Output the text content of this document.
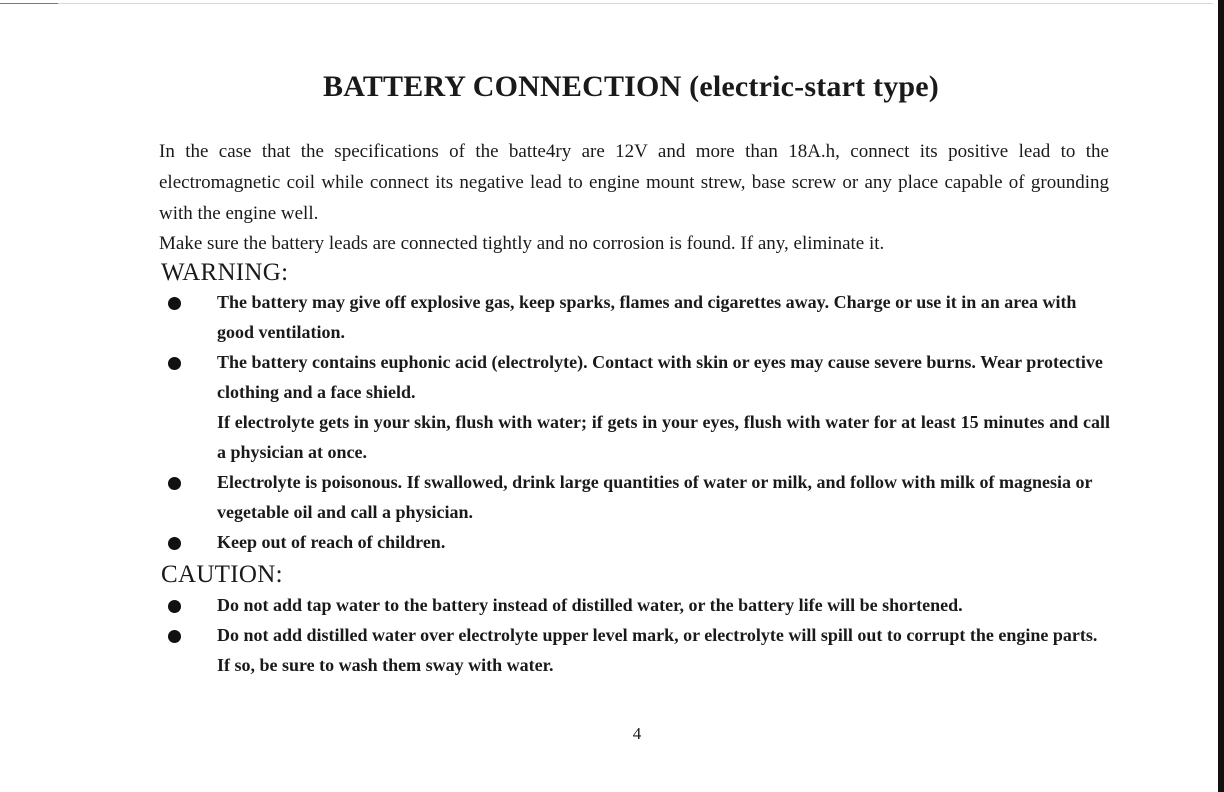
BATTERY CONNECTION (electric-start type)

In the case that the specifications of the batte4ry are 12V and more than 18A.h, connect its positive lead to the electromagnetic coil while connect its negative lead to engine mount strew, base screw or any place capable of grounding with the engine well.

Make sure the battery leads are connected tightly and no corrosion is found. If any, eliminate it.

WARNING:

The battery may give off explosive gas, keep sparks, flames and cigarettes away. Charge or use it in an area with good ventilation.

The battery contains euphonic acid (electrolyte). Contact with skin or eyes may cause severe burns. Wear protective clothing and a face shield.

If electrolyte gets in your skin, flush with water; if gets in your eyes, flush with water for at least 15 minutes and call a physician at once.

Electrolyte is poisonous. If swallowed, drink large quantities of water or milk, and follow with milk of magnesia or vegetable oil and call a physician.

Keep out of reach of children.

CAUTION:

Do not add tap water to the battery instead of distilled water, or the battery life will be shortened.

Do not add distilled water over electrolyte upper level mark, or electrolyte will spill out to corrupt the engine parts. If so, be sure to wash them sway with water.

4
